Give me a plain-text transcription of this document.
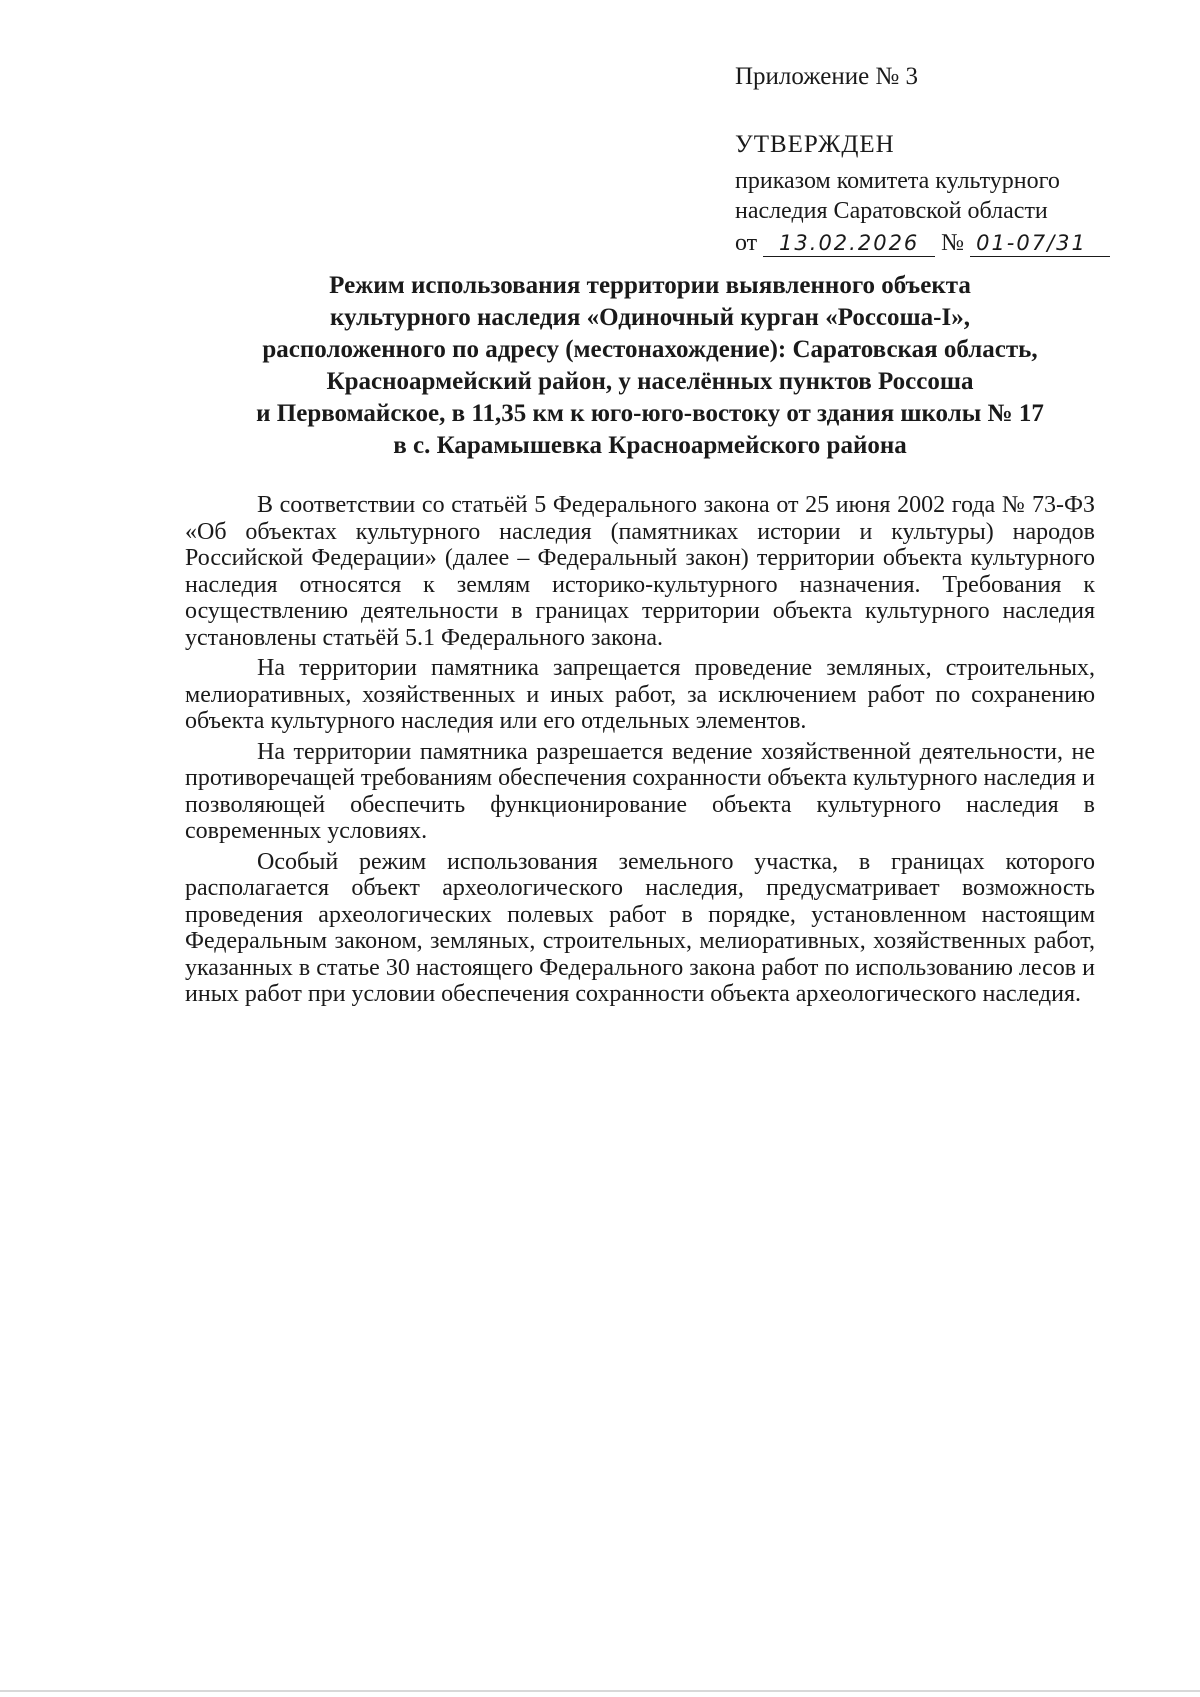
Приложение № 3
УТВЕРЖДЕН
приказом комитета культурного
наследия Саратовской области
от 13.02.2026 № 01-07/31
Режим использования территории выявленного объекта
культурного наследия «Одиночный курган «Россоша-I»,
расположенного по адресу (местонахождение): Саратовская область,
Красноармейский район, у населённых пунктов Россоша
и Первомайское, в 11,35 км к юго-юго-востоку от здания школы № 17
в с. Карамышевка Красноармейского района

В соответствии со статьёй 5 Федерального закона от 25 июня 2002 года № 73-ФЗ «Об объектах культурного наследия (памятниках истории и культуры) народов Российской Федерации» (далее – Федеральный закон) территории объекта культурного наследия относятся к землям историко-культурного назначения. Требования к осуществлению деятельности в границах территории объекта культурного наследия установлены статьёй 5.1 Федерального закона.

На территории памятника запрещается проведение земляных, строительных, мелиоративных, хозяйственных и иных работ, за исключением работ по сохранению объекта культурного наследия или его отдельных элементов.

На территории памятника разрешается ведение хозяйственной деятельности, не противоречащей требованиям обеспечения сохранности объекта культурного наследия и позволяющей обеспечить функционирование объекта культурного наследия в современных условиях.

Особый режим использования земельного участка, в границах которого располагается объект археологического наследия, предусматривает возможность проведения археологических полевых работ в порядке, установленном настоящим Федеральным законом, земляных, строительных, мелиоративных, хозяйственных работ, указанных в статье 30 настоящего Федерального закона работ по использованию лесов и иных работ при условии обеспечения сохранности объекта археологического наследия.
